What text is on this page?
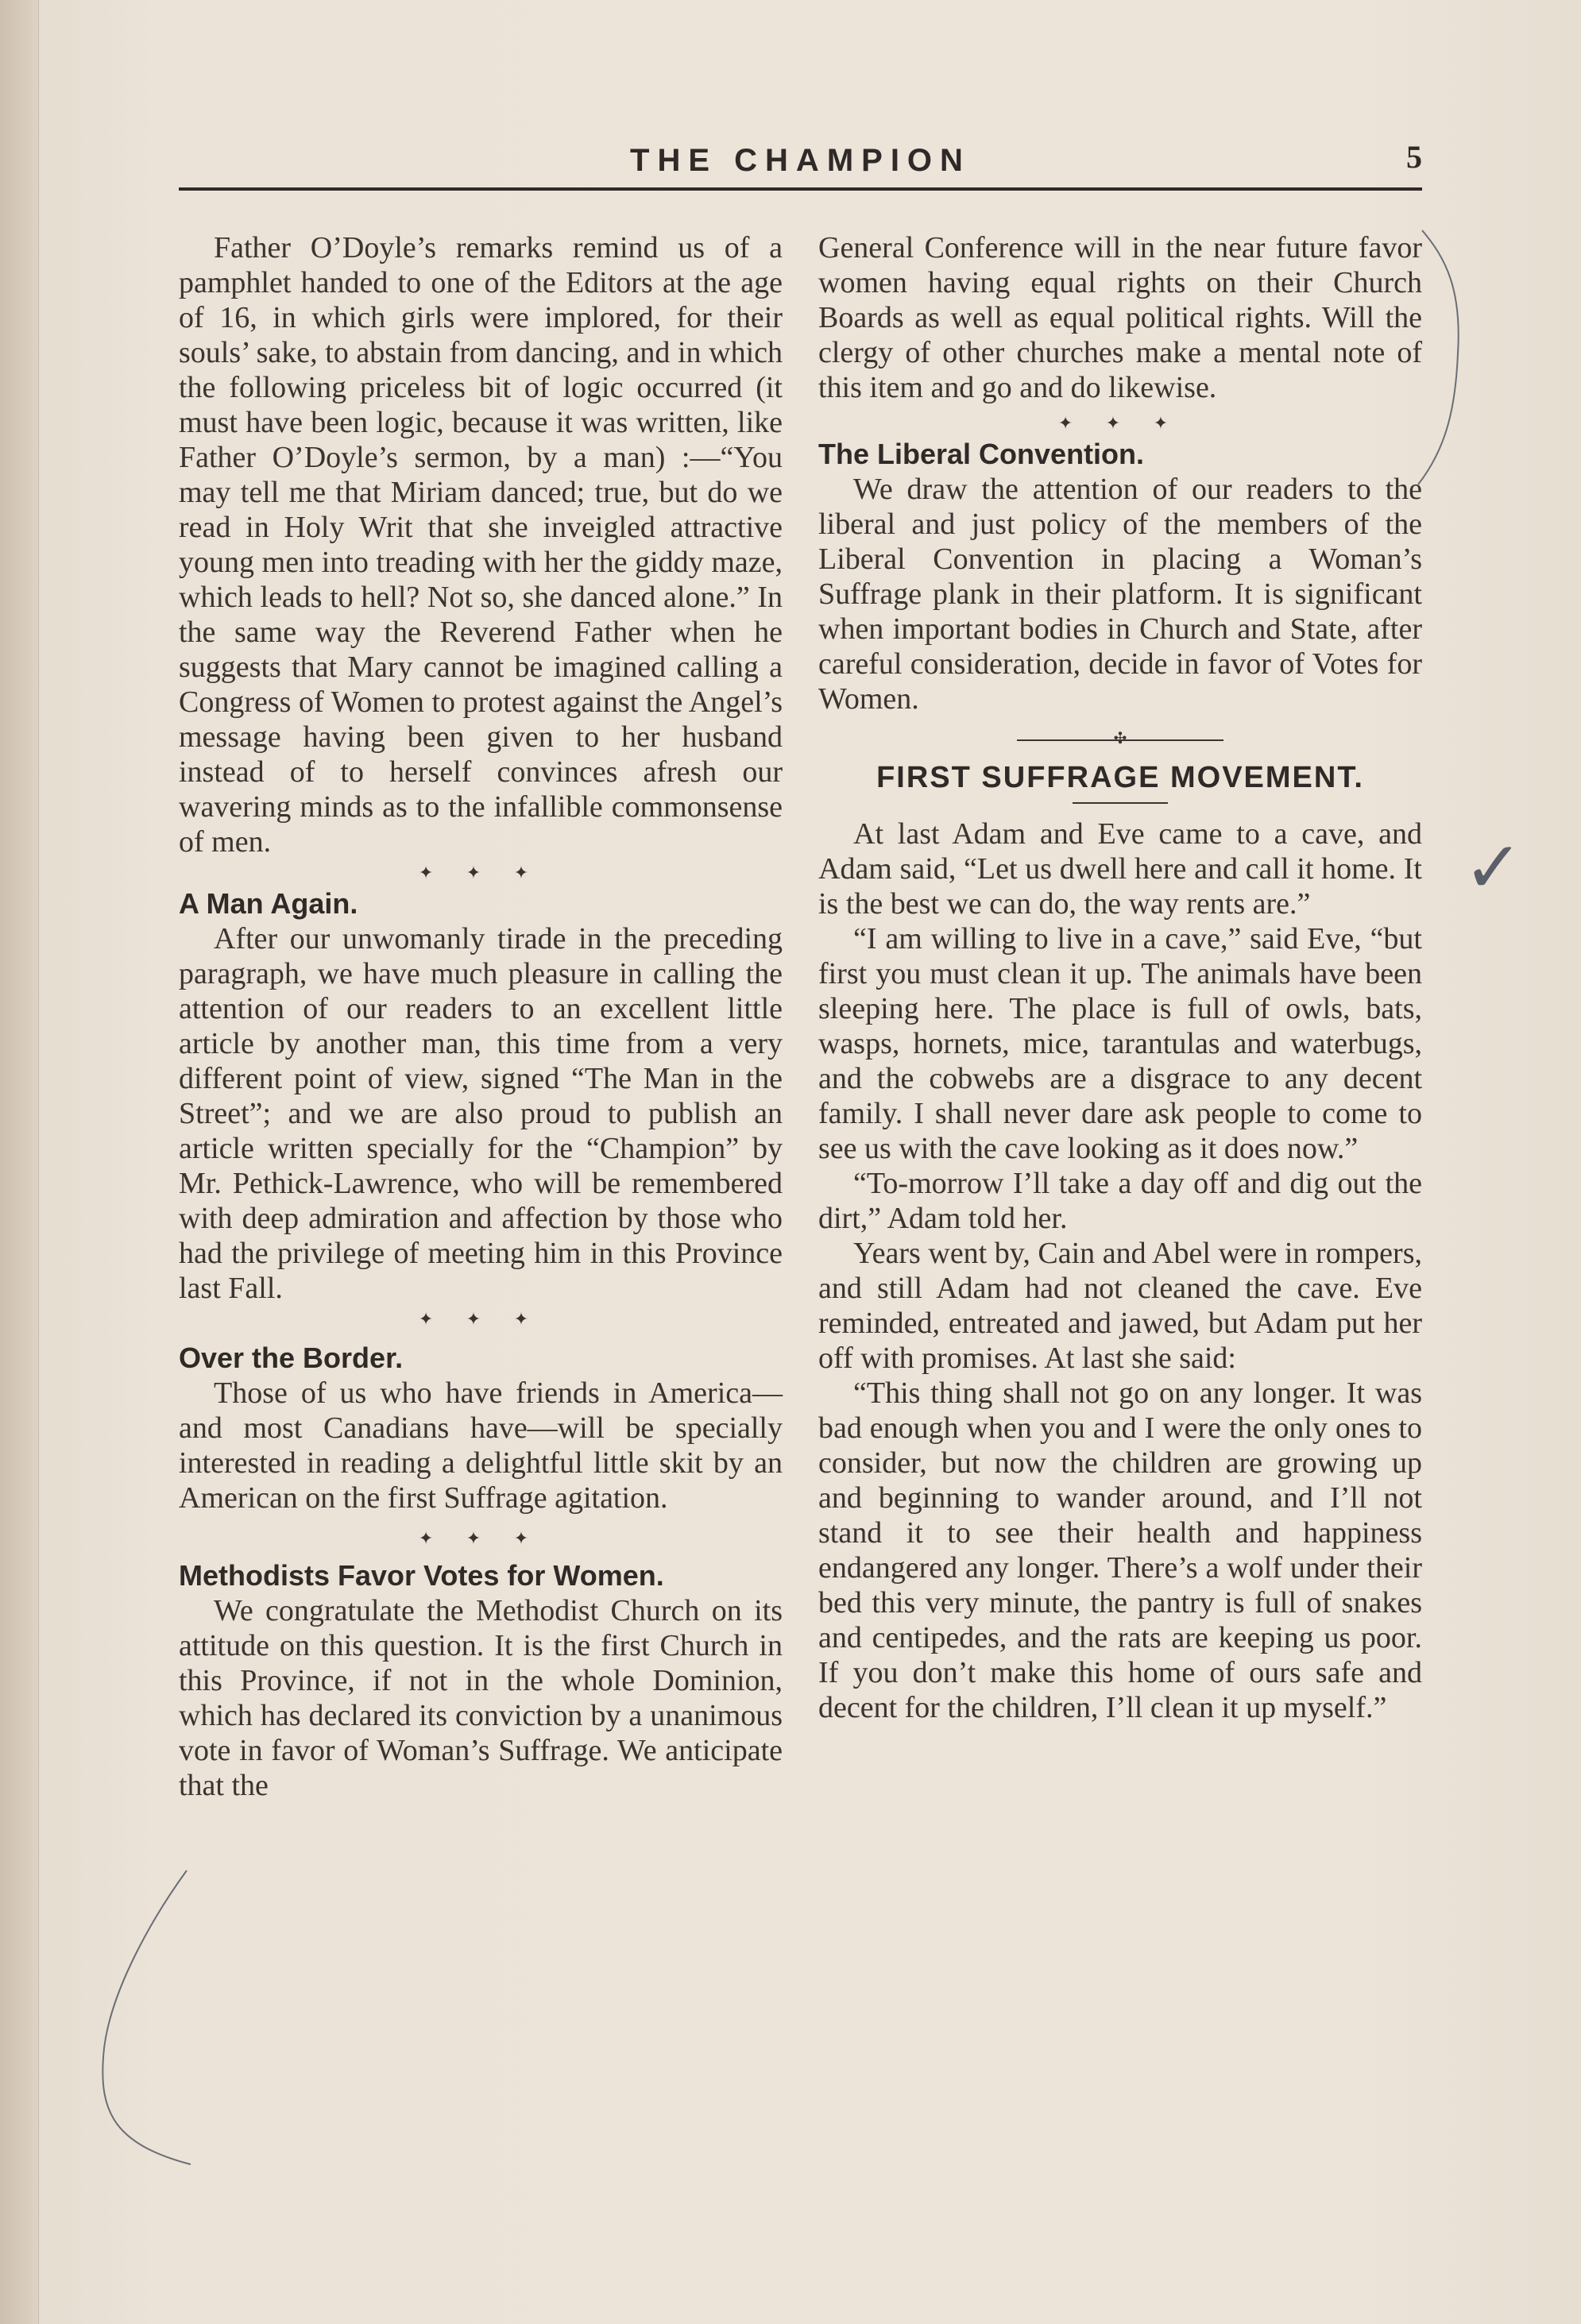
THE CHAMPION	5

Father O’Doyle’s remarks remind us of a pamphlet handed to one of the Editors at the age of 16, in which girls were implored, for their souls’ sake, to abstain from dancing, and in which the following priceless bit of logic occurred (it must have been logic, because it was written, like Father O’Doyle’s sermon, by a man) :—“You may tell me that Miriam danced; true, but do we read in Holy Writ that she inveigled attractive young men into treading with her the giddy maze, which leads to hell? Not so, she danced alone.” In the same way the Reverend Father when he suggests that Mary cannot be imagined calling a Congress of Women to protest against the Angel’s message having been given to her husband instead of to herself convinces afresh our wavering minds as to the infallible commonsense of men.

✦ ✦ ✦
A Man Again.

After our unwomanly tirade in the preceding paragraph, we have much pleasure in calling the attention of our readers to an excellent little article by another man, this time from a very different point of view, signed “The Man in the Street”; and we are also proud to publish an article written specially for the “Champion” by Mr. Pethick-Lawrence, who will be remembered with deep admiration and affection by those who had the privilege of meeting him in this Province last Fall.

✦ ✦ ✦
Over the Border.

Those of us who have friends in America—and most Canadians have—will be specially interested in reading a delightful little skit by an American on the first Suffrage agitation.

✦ ✦ ✦
Methodists Favor Votes for Women.

We congratulate the Methodist Church on its attitude on this question. It is the first Church in this Province, if not in the whole Dominion, which has declared its conviction by a unanimous vote in favor of Woman’s Suffrage. We anticipate that the

General Conference will in the near future favor women having equal rights on their Church Boards as well as equal political rights. Will the clergy of other churches make a mental note of this item and go and do likewise.

✦ ✦ ✦
The Liberal Convention.

We draw the attention of our readers to the liberal and just policy of the members of the Liberal Convention in placing a Woman’s Suffrage plank in their platform. It is significant when important bodies in Church and State, after careful consideration, decide in favor of Votes for Women.

✣
FIRST SUFFRAGE MOVEMENT.

At last Adam and Eve came to a cave, and Adam said, “Let us dwell here and call it home. It is the best we can do, the way rents are.”

“I am willing to live in a cave,” said Eve, “but first you must clean it up. The animals have been sleeping here. The place is full of owls, bats, wasps, hornets, mice, tarantulas and waterbugs, and the cobwebs are a disgrace to any decent family. I shall never dare ask people to come to see us with the cave looking as it does now.”

“To-morrow I’ll take a day off and dig out the dirt,” Adam told her.

Years went by, Cain and Abel were in rompers, and still Adam had not cleaned the cave. Eve reminded, entreated and jawed, but Adam put her off with promises. At last she said:

“This thing shall not go on any longer. It was bad enough when you and I were the only ones to consider, but now the children are growing up and beginning to wander around, and I’ll not stand it to see their health and happiness endangered any longer. There’s a wolf under their bed this very minute, the pantry is full of snakes and centipedes, and the rats are keeping us poor. If you don’t make this home of ours safe and decent for the children, I’ll clean it up myself.”

✓
